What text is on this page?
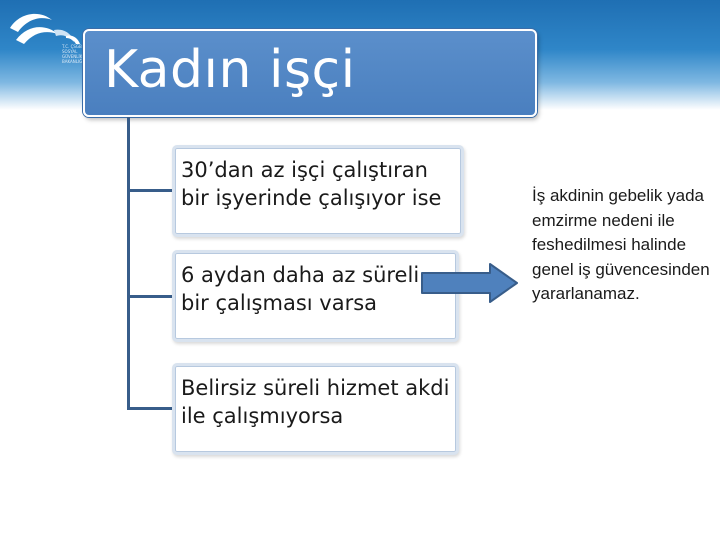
T.C. ÇSGB SOSYAL GÜVENLİK BAKANLIĞI Kadın işçi
30’dan az işçi çalıştıran bir işyerinde çalışıyor ise
6 aydan daha az süreli bir çalışması varsa
Belirsiz süreli hizmet akdi ile çalışmıyorsa
İş akdinin gebelik yada emzirme nedeni ile feshedilmesi halinde genel iş güvencesinden yararlanamaz.
